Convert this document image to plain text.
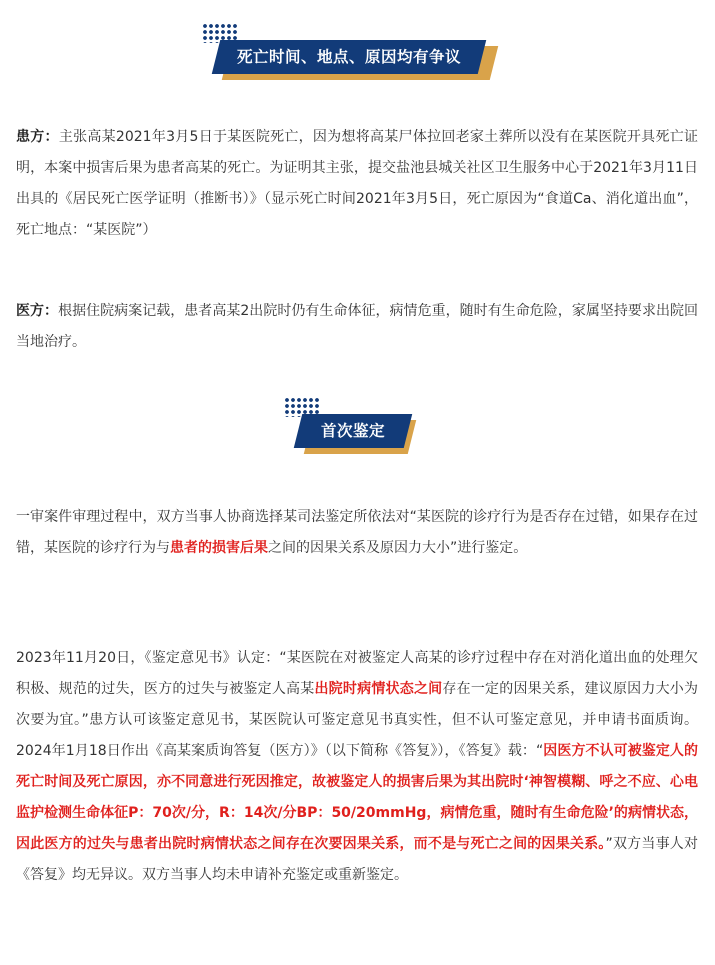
死亡时间、地点、原因均有争议

患方：主张高某2021年3月5日于某医院死亡，因为想将高某尸体拉回老家土葬所以没有在某医院开具死亡证明，本案中损害后果为患者高某的死亡。为证明其主张，提交盐池县城关社区卫生服务中心于2021年3月11日出具的《居民死亡医学证明（推断书）》（显示死亡时间2021年3月5日，死亡原因为“食道Ca、消化道出血”，死亡地点：“某医院”）

医方：根据住院病案记载，患者高某2出院时仍有生命体征，病情危重，随时有生命危险，家属坚持要求出院回当地治疗。

首次鉴定

一审案件审理过程中，双方当事人协商选择某司法鉴定所依法对“某医院的诊疗行为是否存在过错，如果存在过错，某医院的诊疗行为与患者的损害后果之间的因果关系及原因力大小”进行鉴定。

2023年11月20日，《鉴定意见书》认定：“某医院在对被鉴定人高某的诊疗过程中存在对消化道出血的处理欠积极、规范的过失，医方的过失与被鉴定人高某出院时病情状态之间存在一定的因果关系，建议原因力大小为次要为宜。”患方认可该鉴定意见书，某医院认可鉴定意见书真实性，但不认可鉴定意见，并申请书面质询。2024年1月18日作出《高某案质询答复（医方）》（以下简称《答复》），《答复》载：“因医方不认可被鉴定人的死亡时间及死亡原因，亦不同意进行死因推定，故被鉴定人的损害后果为其出院时‘神智模糊、呼之不应、心电监护检测生命体征P：70次/分，R：14次/分BP：50/20mmHg，病情危重，随时有生命危险’的病情状态，因此医方的过失与患者出院时病情状态之间存在次要因果关系，而不是与死亡之间的因果关系。”双方当事人对《答复》均无异议。双方当事人均未申请补充鉴定或重新鉴定。
